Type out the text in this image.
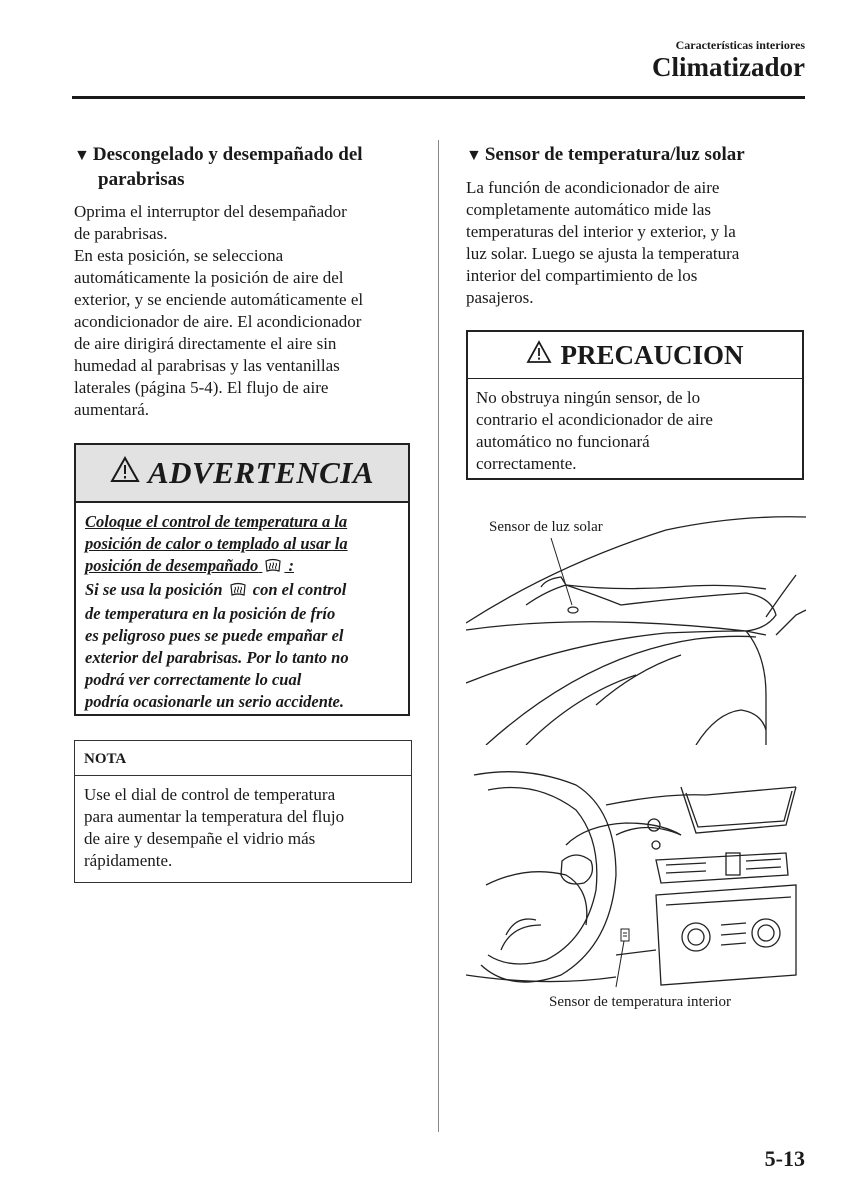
Características interiores
Climatizador
▼ Descongelado y desempañado del
parabrisas
Oprima el interruptor del desempañador
de parabrisas.
En esta posición, se selecciona
automáticamente la posición de aire del
exterior, y se enciende automáticamente el
acondicionador de aire. El acondicionador
de aire dirigirá directamente el aire sin
humedad al parabrisas y las ventanillas
laterales (página 5-4). El flujo de aire
aumentará.
ADVERTENCIA
Coloque el control de temperatura a la
posición de calor o templado al usar la
posición de desempañado :
Si se usa la posición con el control
de temperatura en la posición de frío
es peligroso pues se puede empañar el
exterior del parabrisas. Por lo tanto no
podrá ver correctamente lo cual
podría ocasionarle un serio accidente.
NOTA
Use el dial de control de temperatura
para aumentar la temperatura del flujo
de aire y desempañe el vidrio más
rápidamente.
▼ Sensor de temperatura/luz solar
La función de acondicionador de aire
completamente automático mide las
temperaturas del interior y exterior, y la
luz solar. Luego se ajusta la temperatura
interior del compartimiento de los
pasajeros.
PRECAUCION
No obstruya ningún sensor, de lo
contrario el acondicionador de aire
automático no funcionará
correctamente.
Sensor de luz solar
Sensor de temperatura interior
5-13
